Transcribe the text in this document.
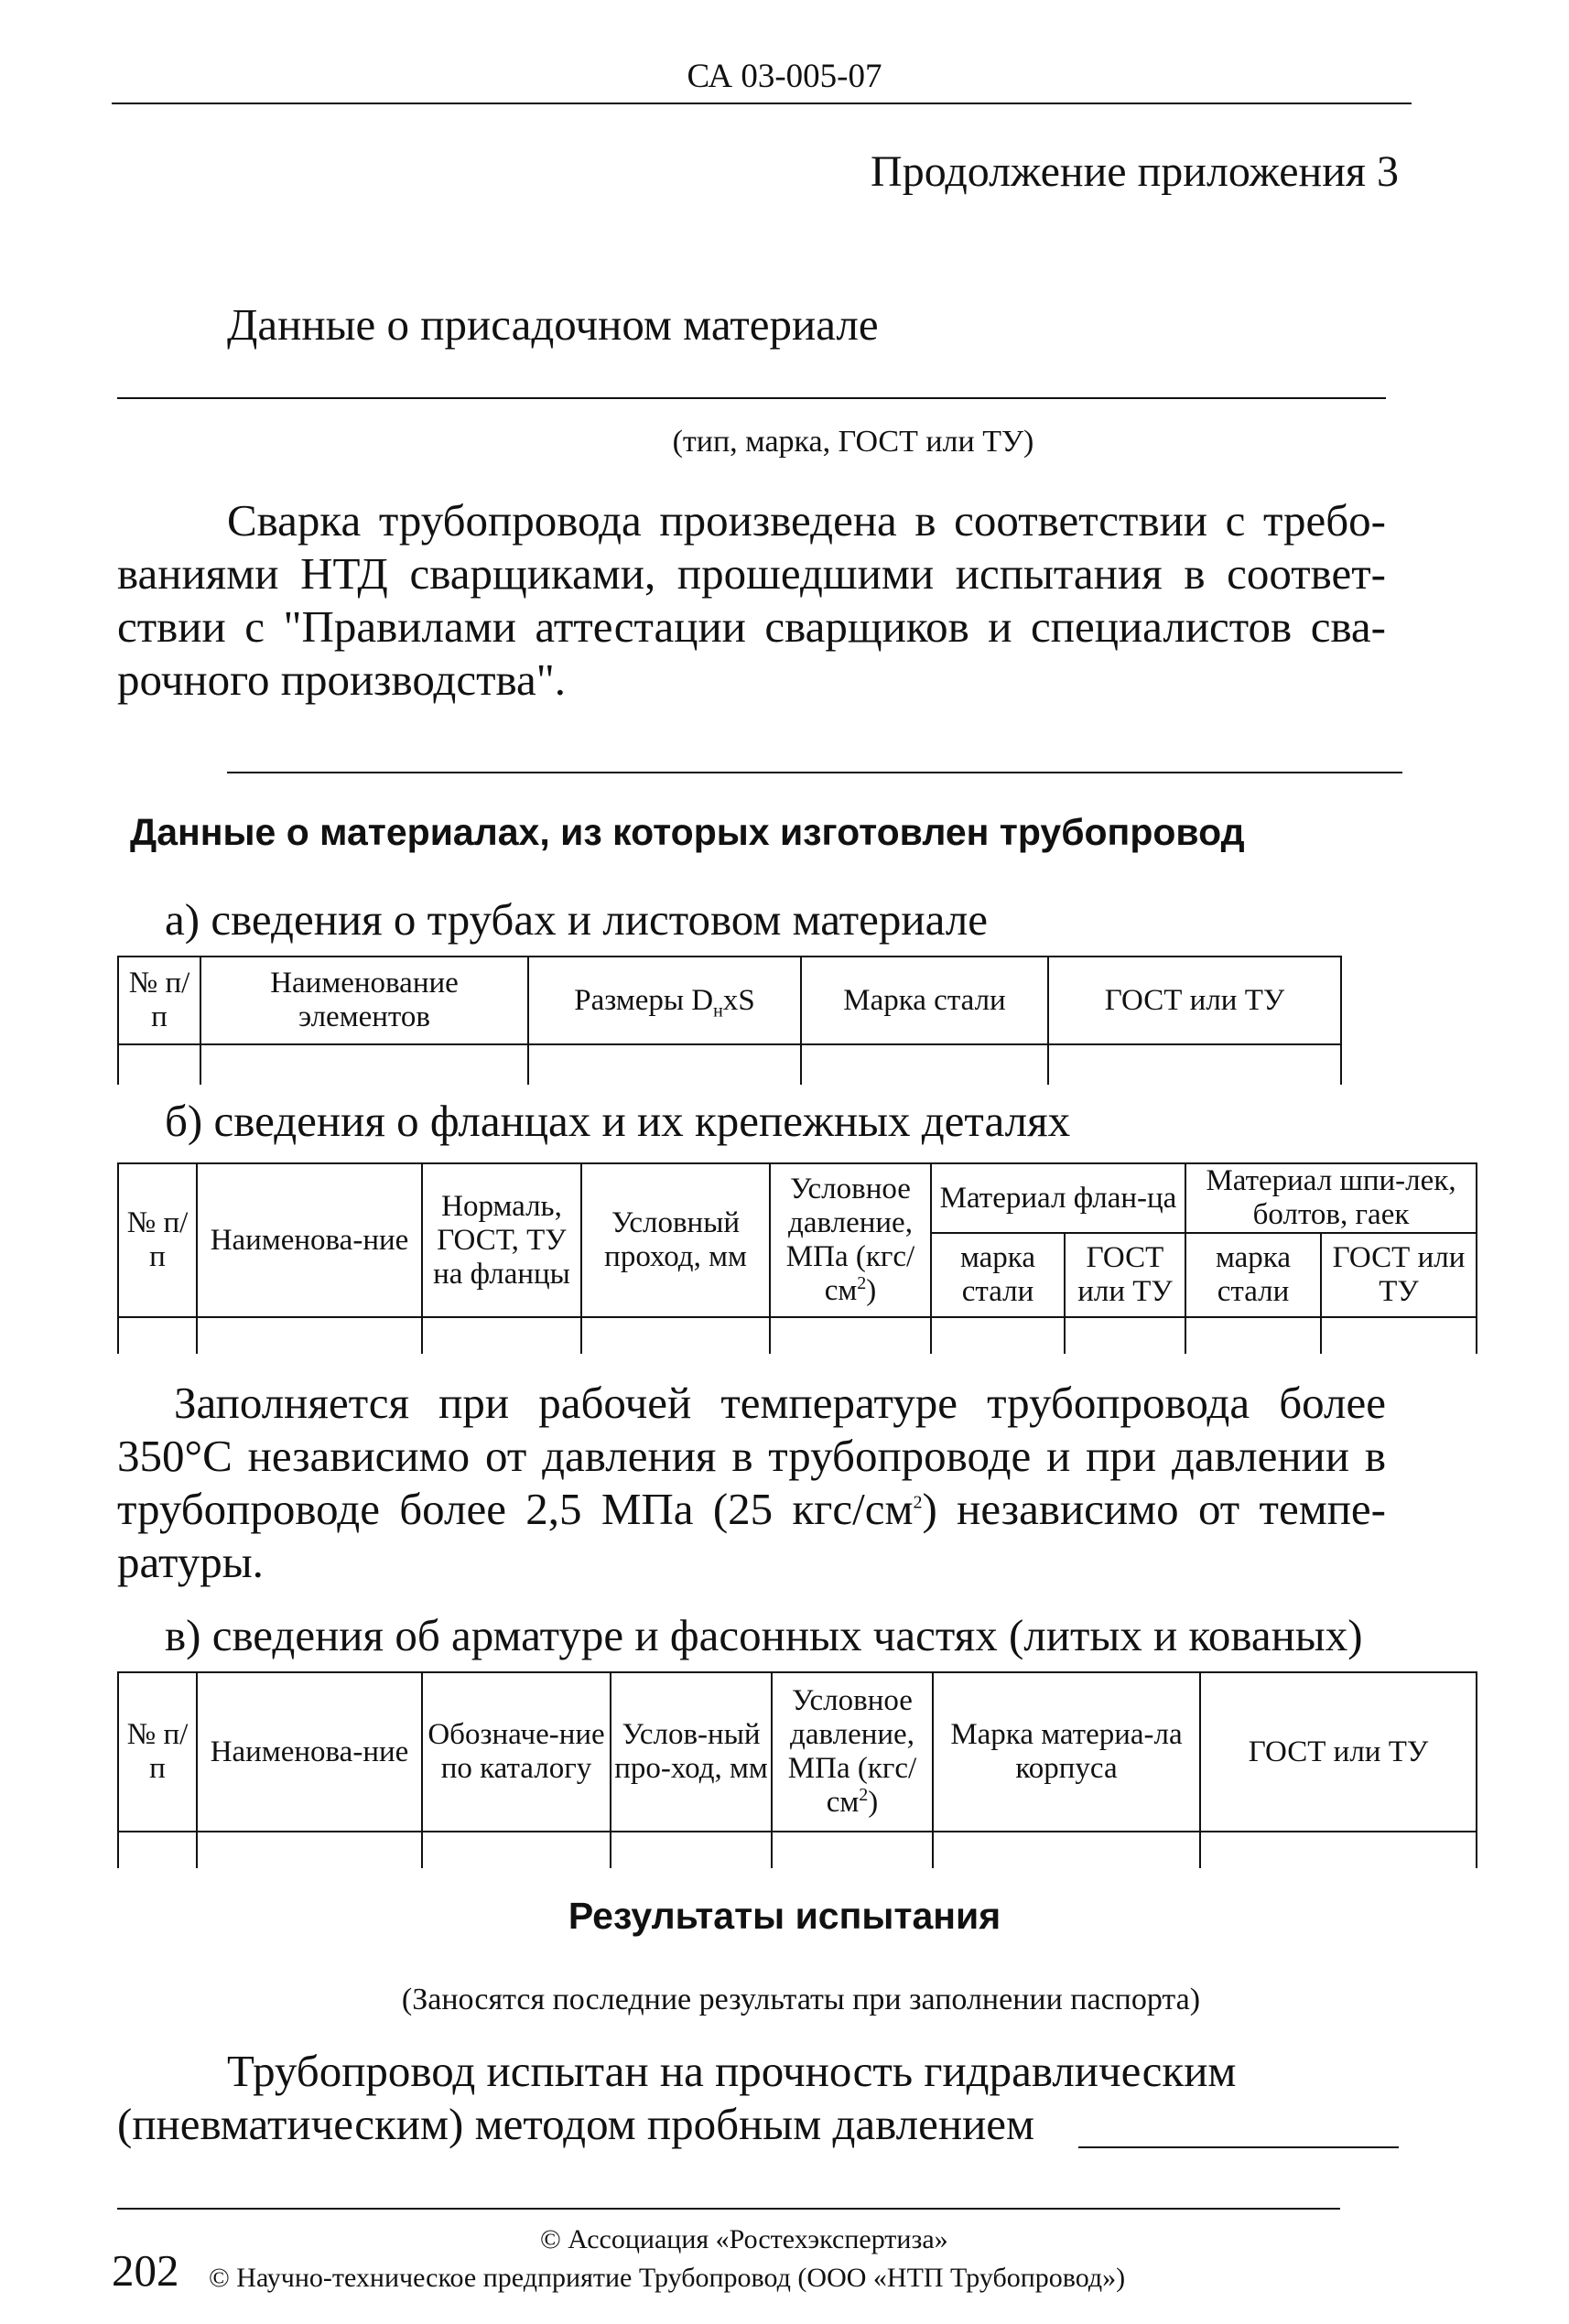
СА 03-005-07
Продолжение приложения 3
Данные о присадочном материале
(тип, марка, ГОСТ или ТУ)
Сварка трубопровода произведена в соответствии с требо-
ваниями НТД сварщиками, прошедшими испытания в соответ-
ствии с "Правилами аттестации сварщиков и специалистов сва-
рочного производства".
Данные о материалах, из которых изготовлен трубопровод
а) сведения о трубах и листовом материале
№ п/п	Наименование элементов	Размеры $D_нxS$	Марка стали	ГОСТ или ТУ

б) сведения о фланцах и их крепежных деталях
№ п/п	Наименова-ние	Нормаль, ГОСТ, ТУ на фланцы	Условный проход, мм	Условное давление, МПа $(кгс/см^2)$	Материал флан-ца		Материал шпи-лек, болтов, гаек	
					марка стали	ГОСТ или ТУ	марка стали	ГОСТ или ТУ

Заполняется при рабочей температуре трубопровода более
350°С независимо от давления в трубопроводе и при давлении в
трубопроводе более 2,5 МПа (25 кгс/$см^2$) независимо от темпе-
ратуры.
в) сведения об арматуре и фасонных частях (литых и кованых)
№ п/п	Наименова-ние	Обозначе-ние по каталогу	Услов-ный про-ход, мм	Условное давление, МПа $(кгс/см^2)$	Марка материа-ла корпуса	ГОСТ или ТУ

Результаты испытания
(Заносятся последние результаты при заполнении паспорта)
Трубопровод испытан на прочность гидравлическим
(пневматическим) методом пробным давлением
© Ассоциация «Ростехэкспертиза»
202 © Научно-техническое предприятие Трубопровод (ООО «НТП Трубопровод»)
